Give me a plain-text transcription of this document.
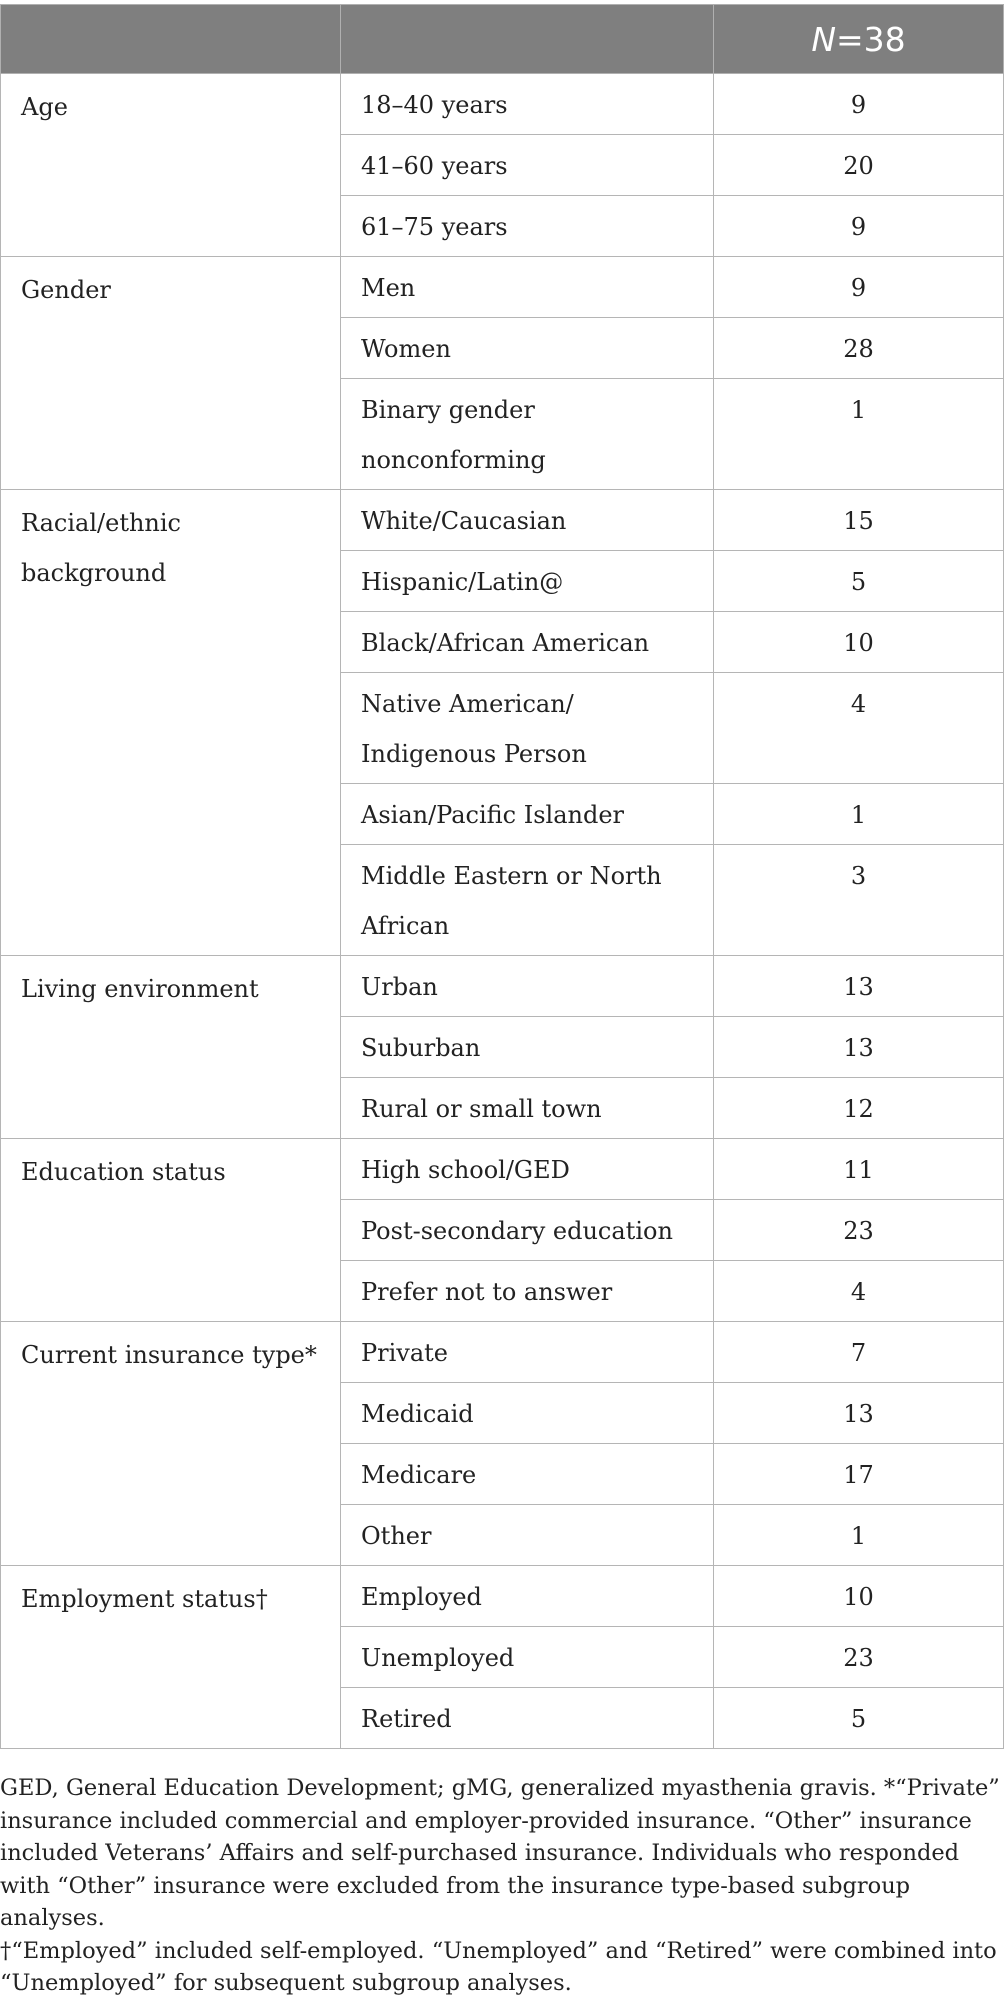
		N=38

Age	18–40 years	9

	41–60 years	20

	61–75 years	9

Gender	Men	9

	Women	28

	Binary gender nonconforming	1

Racial/ethnic background	White/Caucasian	15

	Hispanic/Latin@	5

	Black/African American	10

	Native American/ Indigenous Person	4

	Asian/Pacific Islander	1

	Middle Eastern or North African	3

Living environment	Urban	13

	Suburban	13

	Rural or small town	12

Education status	High school/GED	11

	Post-secondary education	23

	Prefer not to answer	4

Current insurance type*	Private	7

	Medicaid	13

	Medicare	17

	Other	1

Employment status†	Employed	10

	Unemployed	23

	Retired	5

GED, General Education Development; gMG, generalized myasthenia gravis. *“Private” insurance included commercial and employer-provided insurance. “Other” insurance included Veterans’ Affairs and self-purchased insurance. Individuals who responded with “Other” insurance were excluded from the insurance type-based subgroup analyses.

†“Employed” included self-employed. “Unemployed” and “Retired” were combined into “Unemployed” for subsequent subgroup analyses.
